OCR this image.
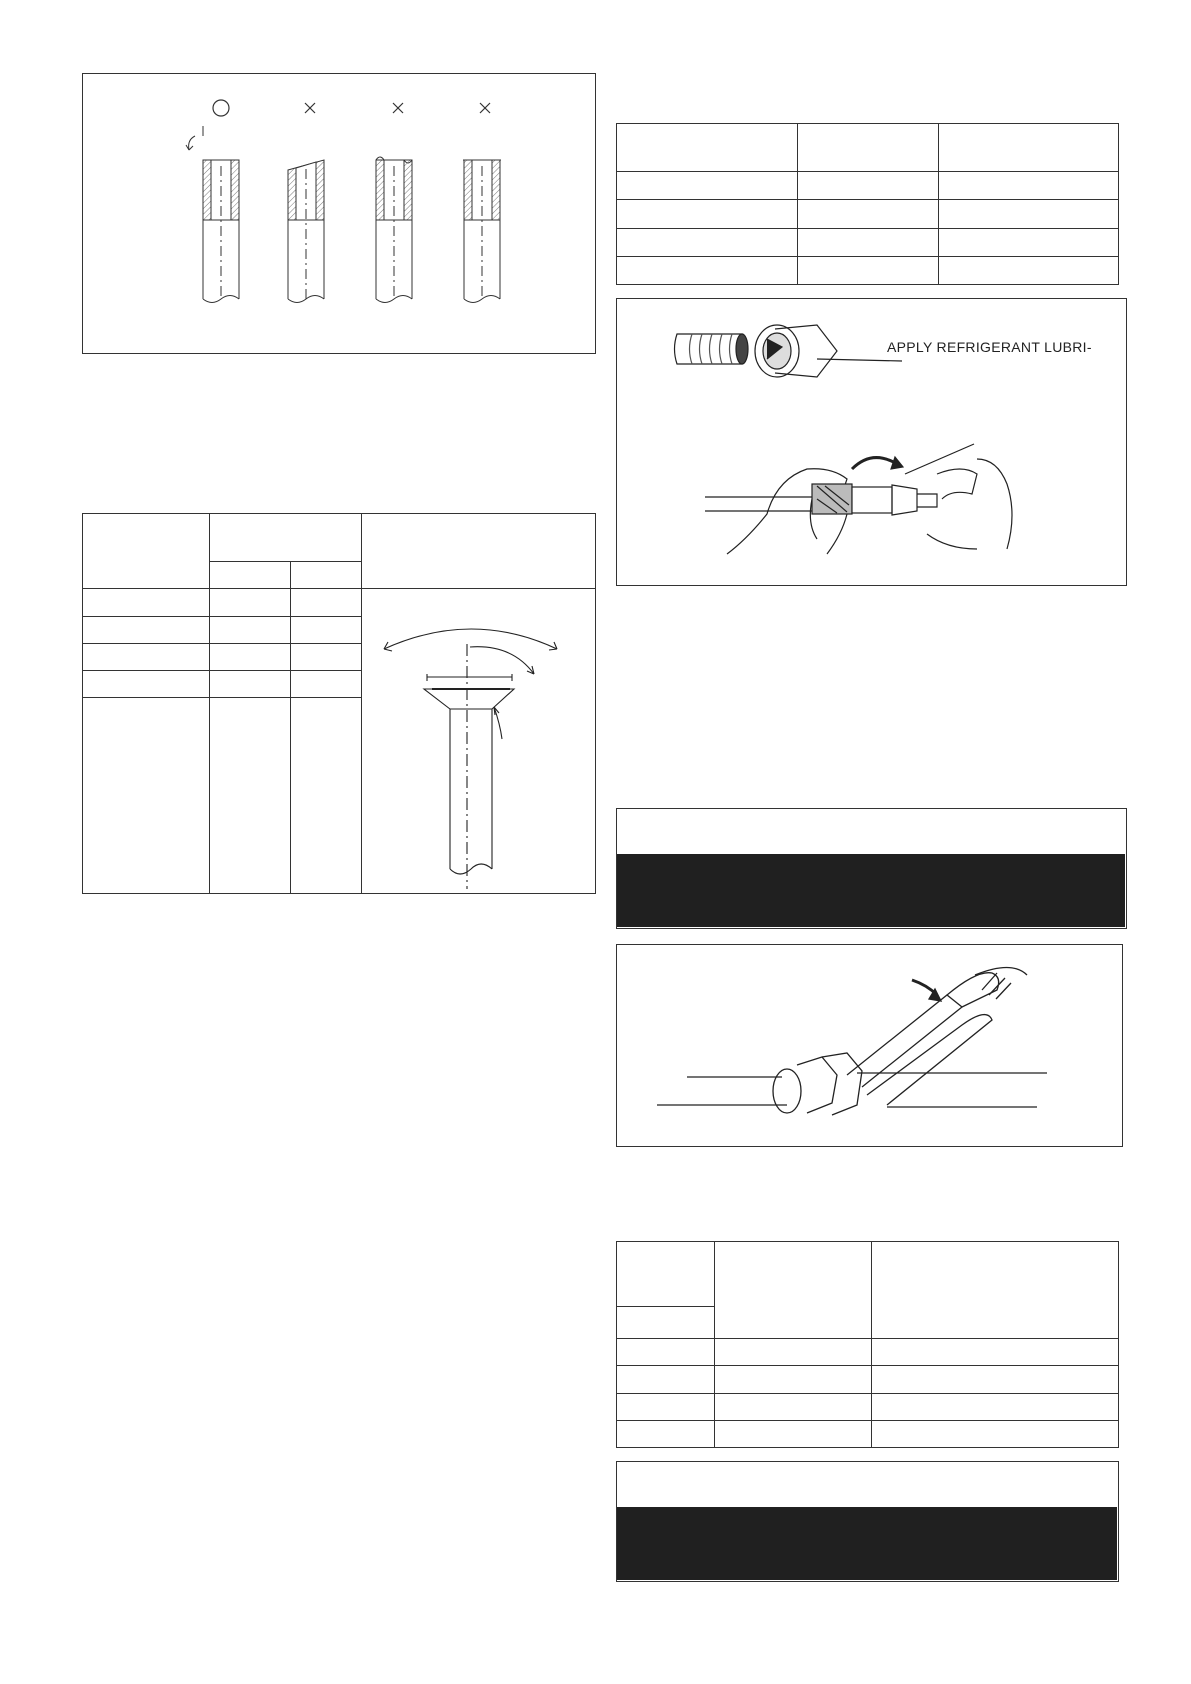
APPLY REFRIGERANT LUBRI-
